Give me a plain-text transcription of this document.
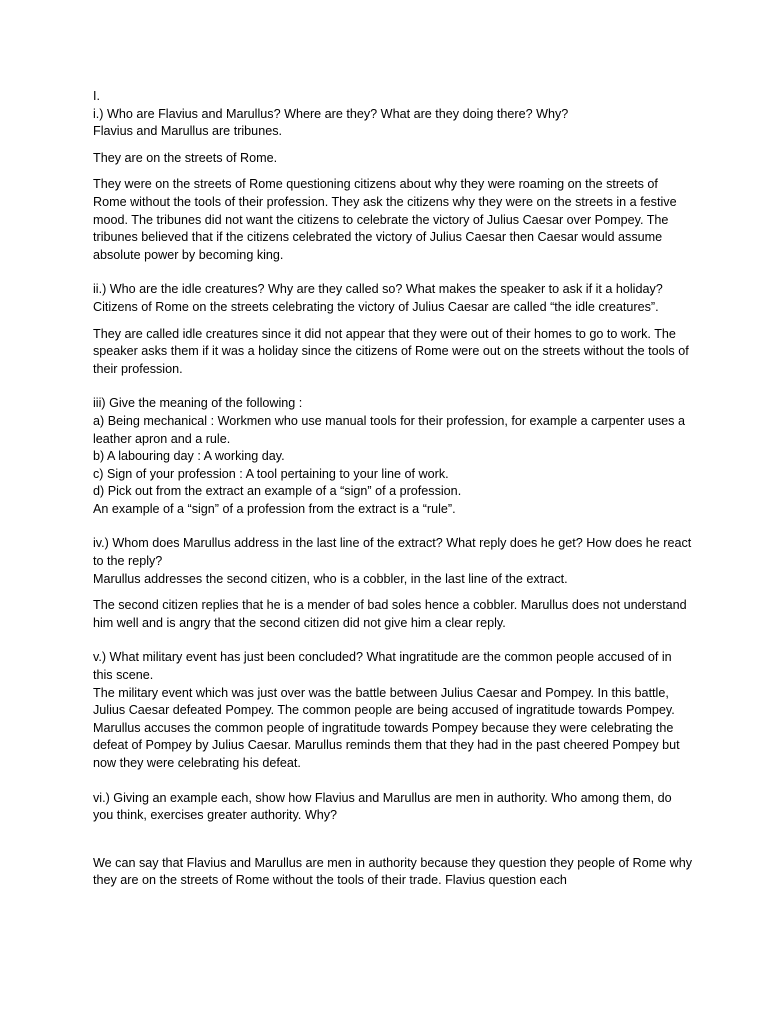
I.

i.) Who are Flavius and Marullus? Where are they? What are they doing there? Why?

Flavius and Marullus are tribunes.

They are on the streets of Rome.

They were on the streets of Rome questioning citizens about why they were roaming on the streets of Rome without the tools of their profession. They ask the citizens why they were on the streets in a festive mood. The tribunes did not want the citizens to celebrate the victory of Julius Caesar over Pompey. The tribunes believed that if the citizens celebrated the victory of Julius Caesar then Caesar would assume absolute power by becoming king.

ii.) Who are the idle creatures? Why are they called so? What makes the speaker to ask if it a holiday?

Citizens of Rome on the streets celebrating the victory of Julius Caesar are called “the idle creatures”.

They are called idle creatures since it did not appear that they were out of their homes to go to work. The speaker asks them if it was a holiday since the citizens of Rome were out on the streets without the tools of their profession.

iii) Give the meaning of the following :

a) Being mechanical : Workmen who use manual tools for their profession, for example a carpenter uses a leather apron and a rule.

b) A labouring day : A working day.

c) Sign of your profession : A tool pertaining to your line of work.

d) Pick out from the extract an example of a “sign” of a profession.

An example of a “sign” of a profession from the extract is a “rule”.

iv.) Whom does Marullus address in the last line of the extract? What reply does he get? How does he react to the reply?

Marullus addresses the second citizen, who is a cobbler, in the last line of the extract.

The second citizen replies that he is a mender of bad soles hence a cobbler. Marullus does not understand him well and is angry that the second citizen did not give him a clear reply.

v.) What military event has just been concluded? What ingratitude are the common people accused of in this scene.

The military event which was just over was the battle between Julius Caesar and Pompey. In this battle, Julius Caesar defeated Pompey. The common people are being accused of ingratitude towards Pompey. Marullus accuses the common people of ingratitude towards Pompey because they were celebrating the defeat of Pompey by Julius Caesar. Marullus reminds them that they had in the past cheered Pompey but now they were celebrating his defeat.

vi.) Giving an example each, show how Flavius and Marullus are men in authority. Who among them, do you think, exercises greater authority. Why?

We can say that Flavius and Marullus are men in authority because they question they people of Rome why they are on the streets of Rome without the tools of their trade. Flavius question each
